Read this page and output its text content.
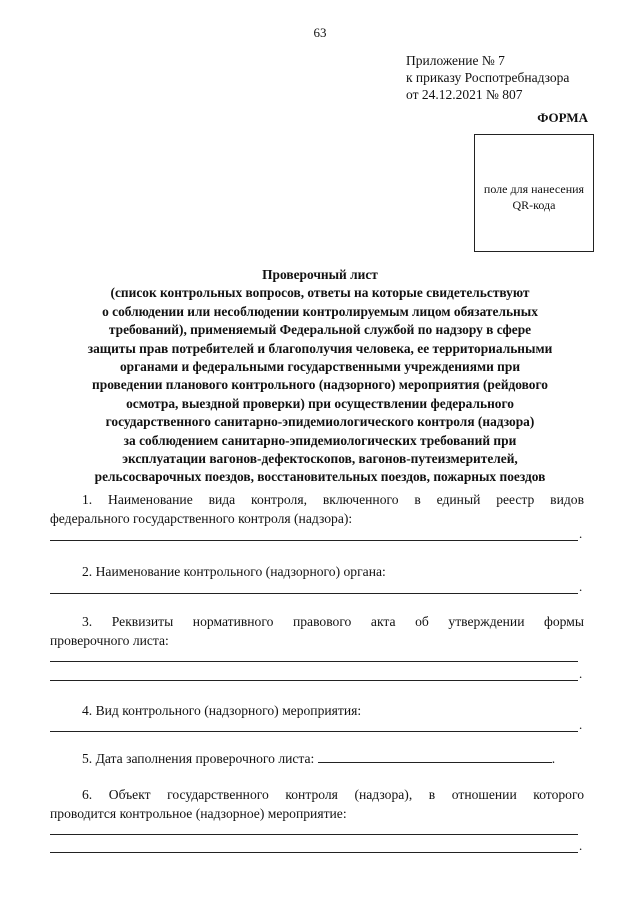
63
Приложение № 7
к приказу Роспотребнадзора
от 24.12.2021 № 807
ФОРМА
поле для нанесения
QR-кода
Проверочный лист
(список контрольных вопросов, ответы на которые свидетельствуют
о соблюдении или несоблюдении контролируемым лицом обязательных
требований), применяемый Федеральной службой по надзору в сфере
защиты прав потребителей и благополучия человека, ее территориальными
органами и федеральными государственными учреждениями при
проведении планового контрольного (надзорного) мероприятия (рейдового
осмотра, выездной проверки) при осуществлении федерального
государственного санитарно-эпидемиологического контроля (надзора)
за соблюдением санитарно-эпидемиологических требований при
эксплуатации вагонов-дефектоскопов, вагонов-путеизмерителей,
рельсосварочных поездов, восстановительных поездов, пожарных поездов
1. Наименование вида контроля, включенного в единый реестр видов
федерального государственного контроля (надзора):
.
2. Наименование контрольного (надзорного) органа:
.
3. Реквизиты нормативного правового акта об утверждении формы
проверочного листа:
.
4. Вид контрольного (надзорного) мероприятия:
.
5. Дата заполнения проверочного листа:	.
6. Объект государственного контроля (надзора), в отношении которого
проводится контрольное (надзорное) мероприятие:
.
